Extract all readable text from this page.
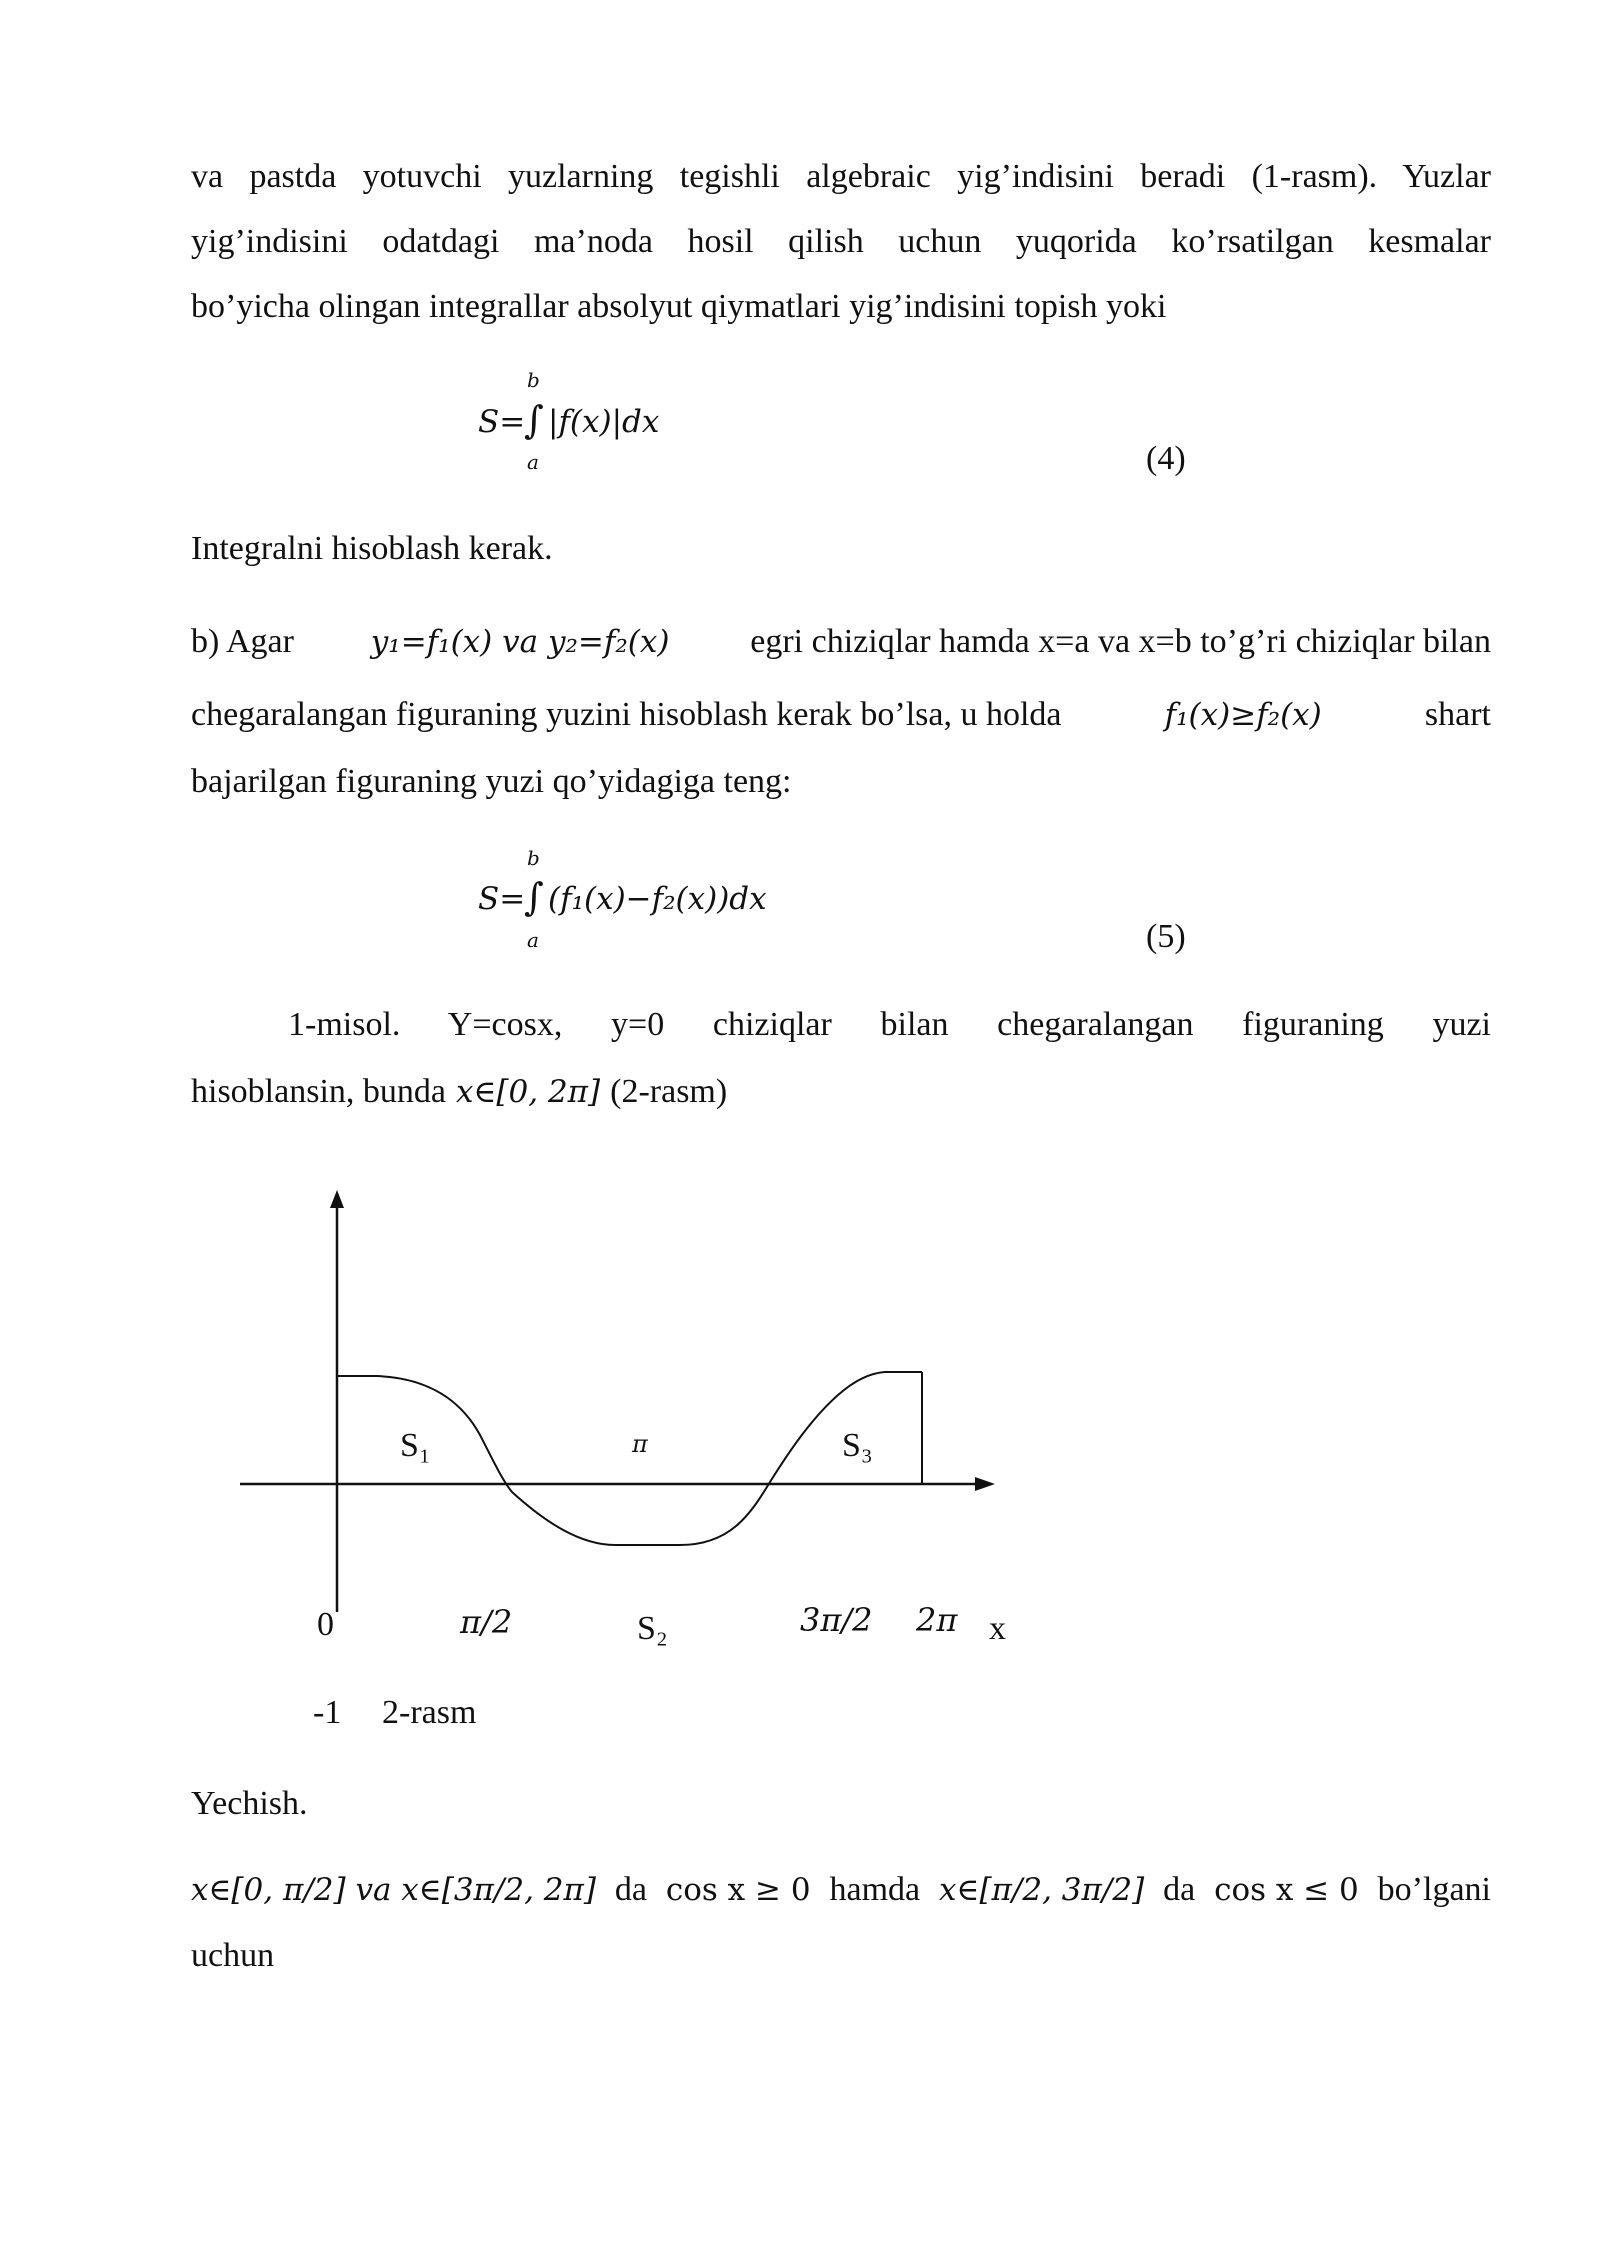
va pastda yotuvchi yuzlarning tegishli algebraic yig’indisini beradi (1-rasm). Yuzlar
yig’indisini odatdagi ma’noda hosil qilish uchun yuqorida ko’rsatilgan kesmalar
bo’yicha olingan integrallar absolyut qiymatlari yig’indisini topish yoki
b
S=
∫ |f(x)|dx
a	(4)
Integralni hisoblash kerak.
b) Agar y₁=f₁(x) va y₂=f₂(x) egri chiziqlar hamda x=a va x=b to’g’ri chiziqlar bilan
chegaralangan figuraning yuzini hisoblash kerak bo’lsa, u holda	f₁(x)≥f₂(x)	shart
bajarilgan figuraning yuzi qo’yidagiga teng:
b
S=
∫ (f₁(x)−f₂(x))dx
a	(5)
1-misol. Y=cosx, y=0 chiziqlar bilan chegaralangan figuraning yuzi
hisoblansin, bunda x∈[0, 2π] (2-rasm)
S₁	π	S₃
0	π/2	S₂	3π/2 2π x
-1 2-rasm
Yechish.
x∈[0, π/2] va x∈[3π/2, 2π] da cos x ≥ 0 hamda x∈[π/2, 3π/2] da cos x ≤ 0 bo’lgani
uchun
